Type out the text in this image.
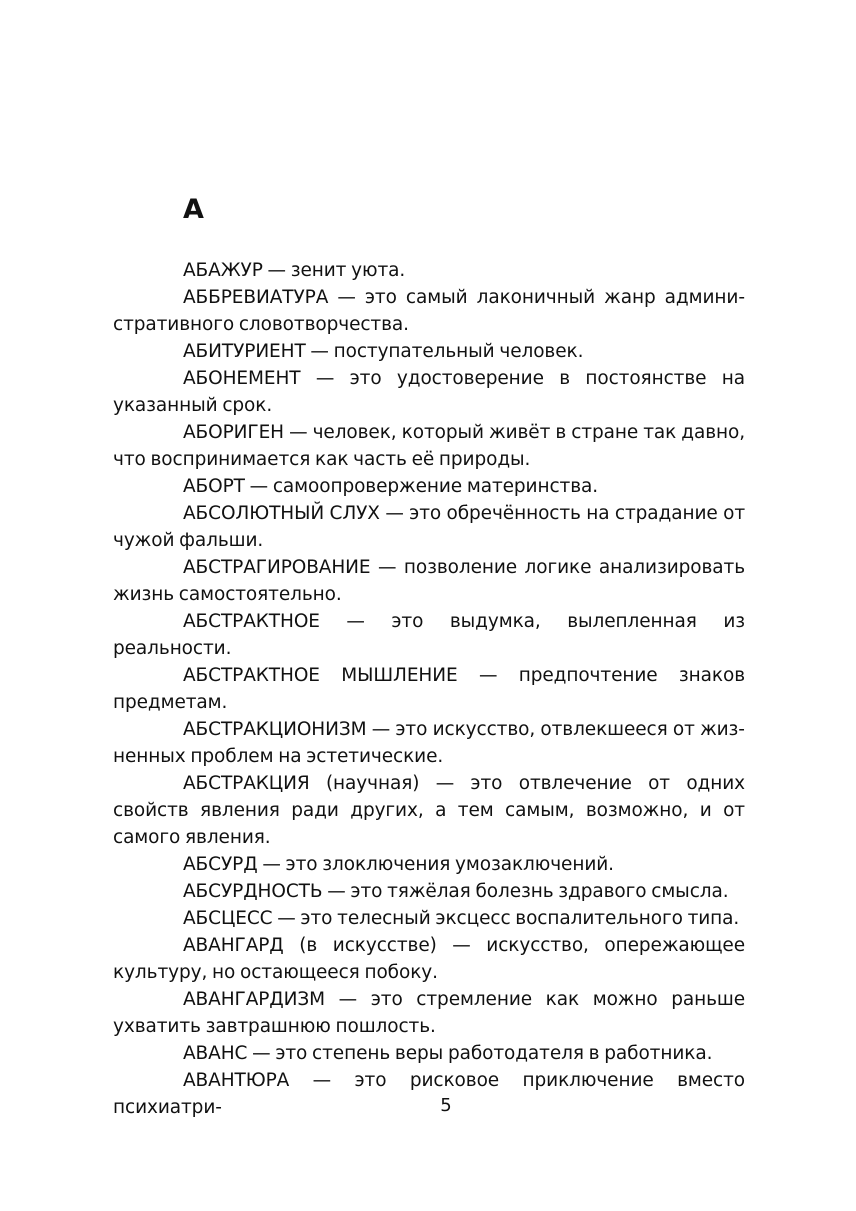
А

АБАЖУР — зенит уюта.

АББРЕВИАТУРА — это самый лаконичный жанр административного словотворчества.

АБИТУРИЕНТ — поступательный человек.

АБОНЕМЕНТ — это удостоверение в постоянстве на указанный срок.

АБОРИГЕН — человек, который живёт в стране так давно, что воспринимается как часть её природы.

АБОРТ — самоопровержение материнства.

АБСОЛЮТНЫЙ СЛУХ — это обречённость на страдание от чужой фальши.

АБСТРАГИРОВАНИЕ — позволение логике анализировать жизнь самостоятельно.

АБСТРАКТНОЕ — это выдумка, вылепленная из реальности.

АБСТРАКТНОЕ МЫШЛЕНИЕ — предпочтение знаков предметам.

АБСТРАКЦИОНИЗМ — это искусство, отвлекшееся от жизненных проблем на эстетические.

АБСТРАКЦИЯ (научная) — это отвлечение от одних свойств явления ради других, а тем самым, возможно, и от самого явления.

АБСУРД — это злоключения умозаключений.

АБСУРДНОСТЬ — это тяжёлая болезнь здравого смысла.

АБСЦЕСС — это телесный эксцесс воспалительного типа.

АВАНГАРД (в искусстве) — искусство, опережающее культуру, но остающееся побоку.

АВАНГАРДИЗМ — это стремление как можно раньше ухватить завтрашнюю пошлость.

АВАНС — это степень веры работодателя в работника.

АВАНТЮРА — это рисковое приключение вместо психиатри-	5
